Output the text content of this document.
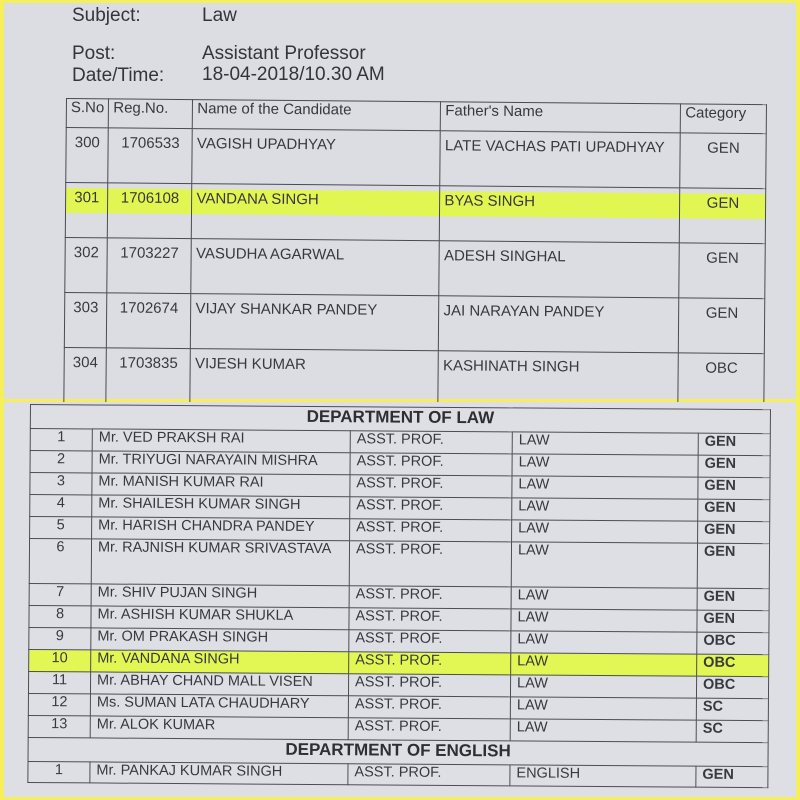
Subject:	Law
Post:	Assistant Professor
Date/Time: 18-04-2018/10.30 AM
S.No	Reg.No.	Name of the Candidate	Father's Name	Category
300	1706533	VAGISH UPADHYAY	LATE VACHAS PATI UPADHYAY	GEN
301	1706108	VANDANA SINGH	BYAS SINGH	GEN
302	1703227	VASUDHA AGARWAL	ADESH SINGHAL	GEN
303	1702674	VIJAY SHANKAR PANDEY	JAI NARAYAN PANDEY	GEN
304	1703835	VIJESH KUMAR	KASHINATH SINGH	OBC

DEPARTMENT OF LAW				
1	Mr. VED PRAKSH RAI	ASST. PROF.	LAW	GEN
2	Mr. TRIYUGI NARAYAIN MISHRA	ASST. PROF.	LAW	GEN
3	Mr. MANISH KUMAR RAI	ASST. PROF.	LAW	GEN
4	Mr. SHAILESH KUMAR SINGH	ASST. PROF.	LAW	GEN
5	Mr. HARISH CHANDRA PANDEY	ASST. PROF.	LAW	GEN
6	Mr. RAJNISH KUMAR SRIVASTAVA	ASST. PROF.	LAW	GEN
7	Mr. SHIV PUJAN SINGH	ASST. PROF.	LAW	GEN
8	Mr. ASHISH KUMAR SHUKLA	ASST. PROF.	LAW	GEN
9	Mr. OM PRAKASH SINGH	ASST. PROF.	LAW	OBC
10	Mr. VANDANA SINGH	ASST. PROF.	LAW	OBC
11	Mr. ABHAY CHAND MALL VISEN	ASST. PROF.	LAW	OBC
12	Ms. SUMAN LATA CHAUDHARY	ASST. PROF.	LAW	SC
13	Mr. ALOK KUMAR	ASST. PROF.	LAW	SC
DEPARTMENT OF ENGLISH				
1	Mr. PANKAJ KUMAR SINGH	ASST. PROF.	ENGLISH	GEN
